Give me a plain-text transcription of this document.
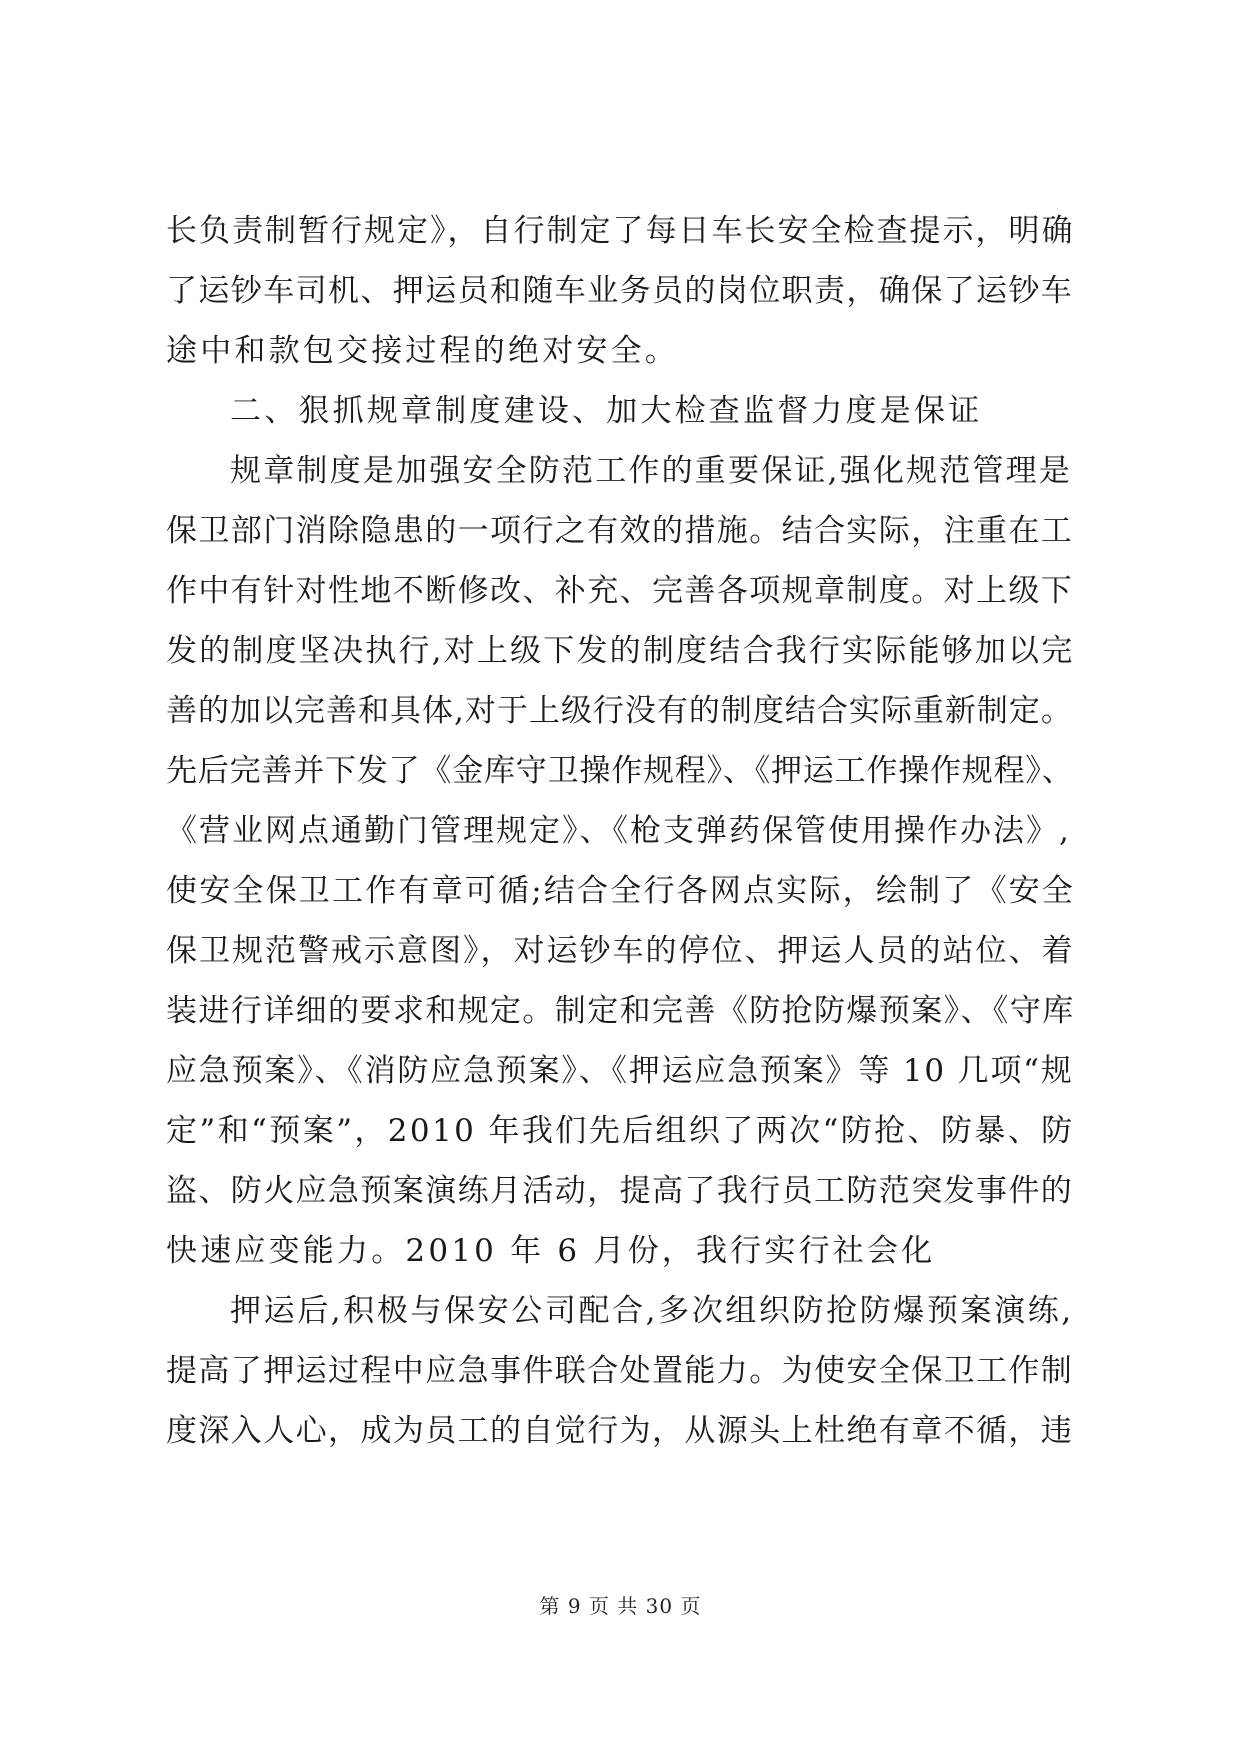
长负责制暂行规定》，自行制定了每日车长安全检查提示，明确
了运钞车司机、押运员和随车业务员的岗位职责，确保了运钞车
途中和款包交接过程的绝对安全。
二、狠抓规章制度建设、加大检查监督力度是保证
规章制度是加强安全防范工作的重要保证,强化规范管理是
保卫部门消除隐患的一项行之有效的措施。结合实际，注重在工
作中有针对性地不断修改、补充、完善各项规章制度。对上级下
发的制度坚决执行,对上级下发的制度结合我行实际能够加以完
善的加以完善和具体,对于上级行没有的制度结合实际重新制定。
先后完善并下发了《金库守卫操作规程》、《押运工作操作规程》、
《营业网点通勤门管理规定》、《枪支弹药保管使用操作办法》,
使安全保卫工作有章可循;结合全行各网点实际，绘制了《安全
保卫规范警戒示意图》，对运钞车的停位、押运人员的站位、着
装进行详细的要求和规定。制定和完善《防抢防爆预案》、《守库
应急预案》、《消防应急预案》、《押运应急预案》等 10 几项“规
定”和“预案”，2010 年我们先后组织了两次“防抢、防暴、防
盗、防火应急预案演练月活动，提高了我行员工防范突发事件的
快速应变能力。2010 年 6 月份，我行实行社会化
押运后,积极与保安公司配合,多次组织防抢防爆预案演练,
提高了押运过程中应急事件联合处置能力。为使安全保卫工作制
度深入人心，成为员工的自觉行为，从源头上杜绝有章不循，违
第 9 页 共 30 页
